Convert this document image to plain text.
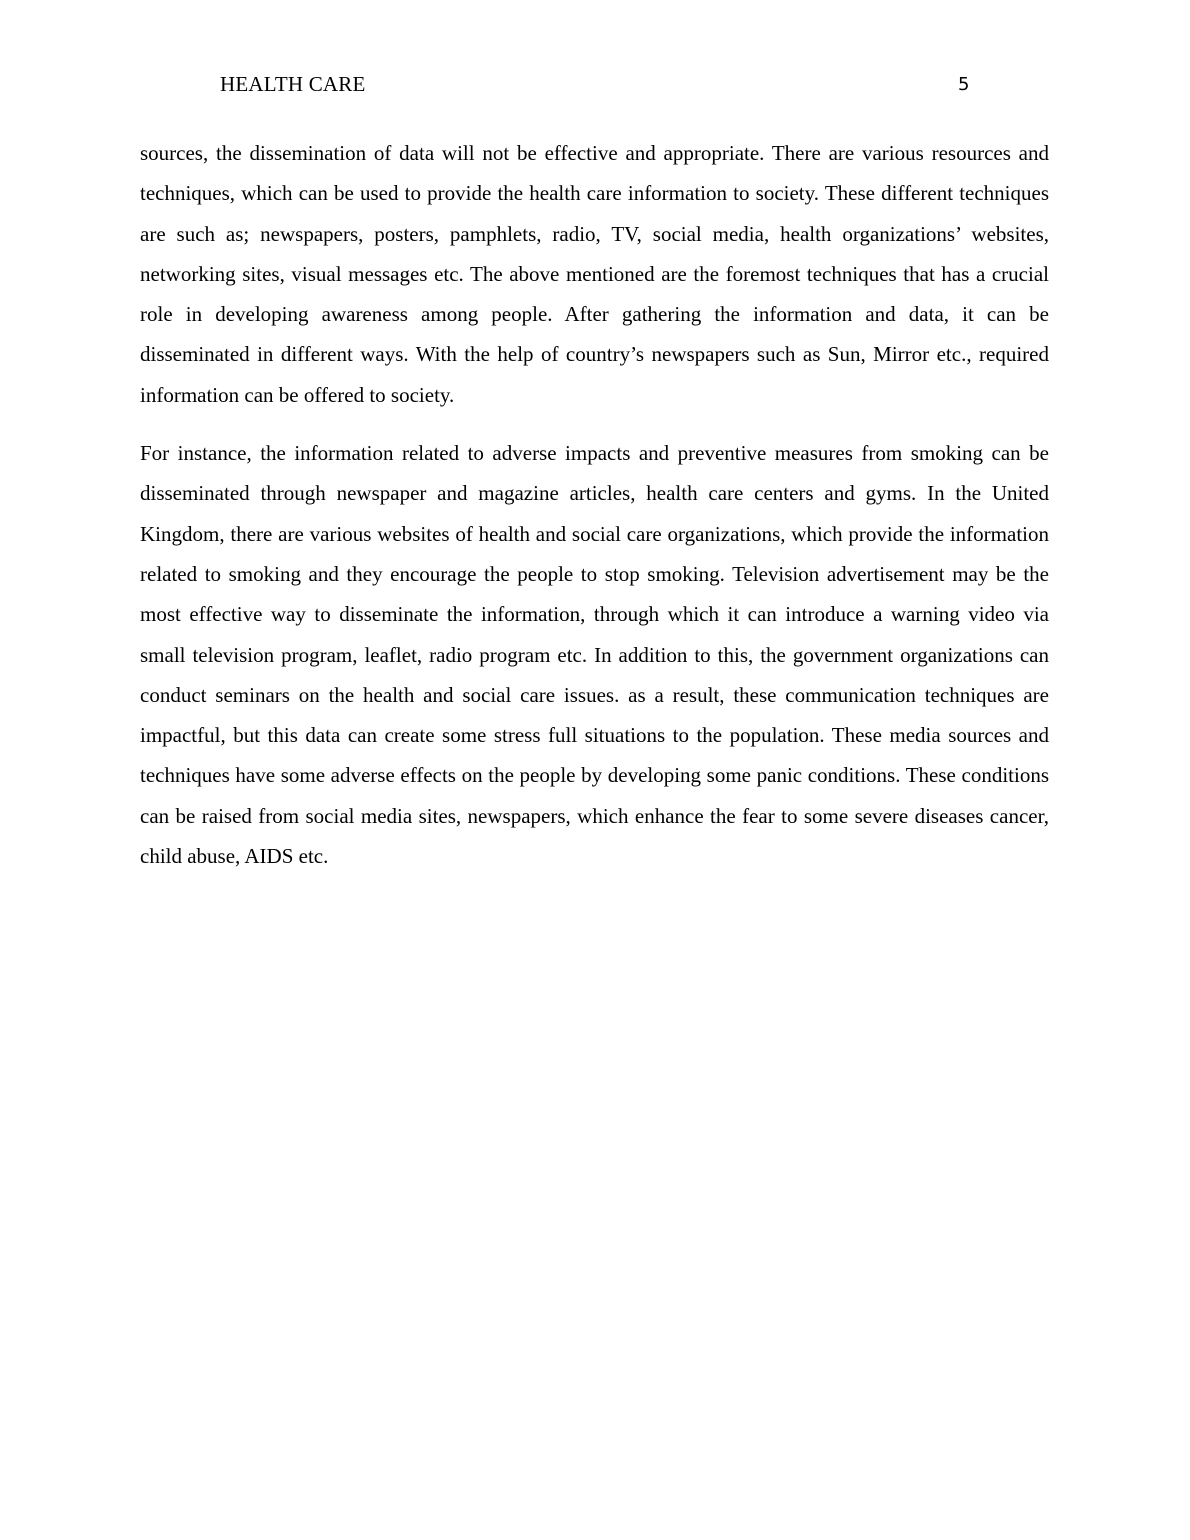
HEALTH CARE	5

sources, the dissemination of data will not be effective and appropriate. There are various resources and techniques, which can be used to provide the health care information to society. These different techniques are such as; newspapers, posters, pamphlets, radio, TV, social media, health organizations’ websites, networking sites, visual messages etc. The above mentioned are the foremost techniques that has a crucial role in developing awareness among people. After gathering the information and data, it can be disseminated in different ways. With the help of country’s newspapers such as Sun, Mirror etc., required information can be offered to society.

For instance, the information related to adverse impacts and preventive measures from smoking can be disseminated through newspaper and magazine articles, health care centers and gyms. In the United Kingdom, there are various websites of health and social care organizations, which provide the information related to smoking and they encourage the people to stop smoking. Television advertisement may be the most effective way to disseminate the information, through which it can introduce a warning video via small television program, leaflet, radio program etc. In addition to this, the government organizations can conduct seminars on the health and social care issues. as a result, these communication techniques are impactful, but this data can create some stress full situations to the population. These media sources and techniques have some adverse effects on the people by developing some panic conditions. These conditions can be raised from social media sites, newspapers, which enhance the fear to some severe diseases cancer, child abuse, AIDS etc.
